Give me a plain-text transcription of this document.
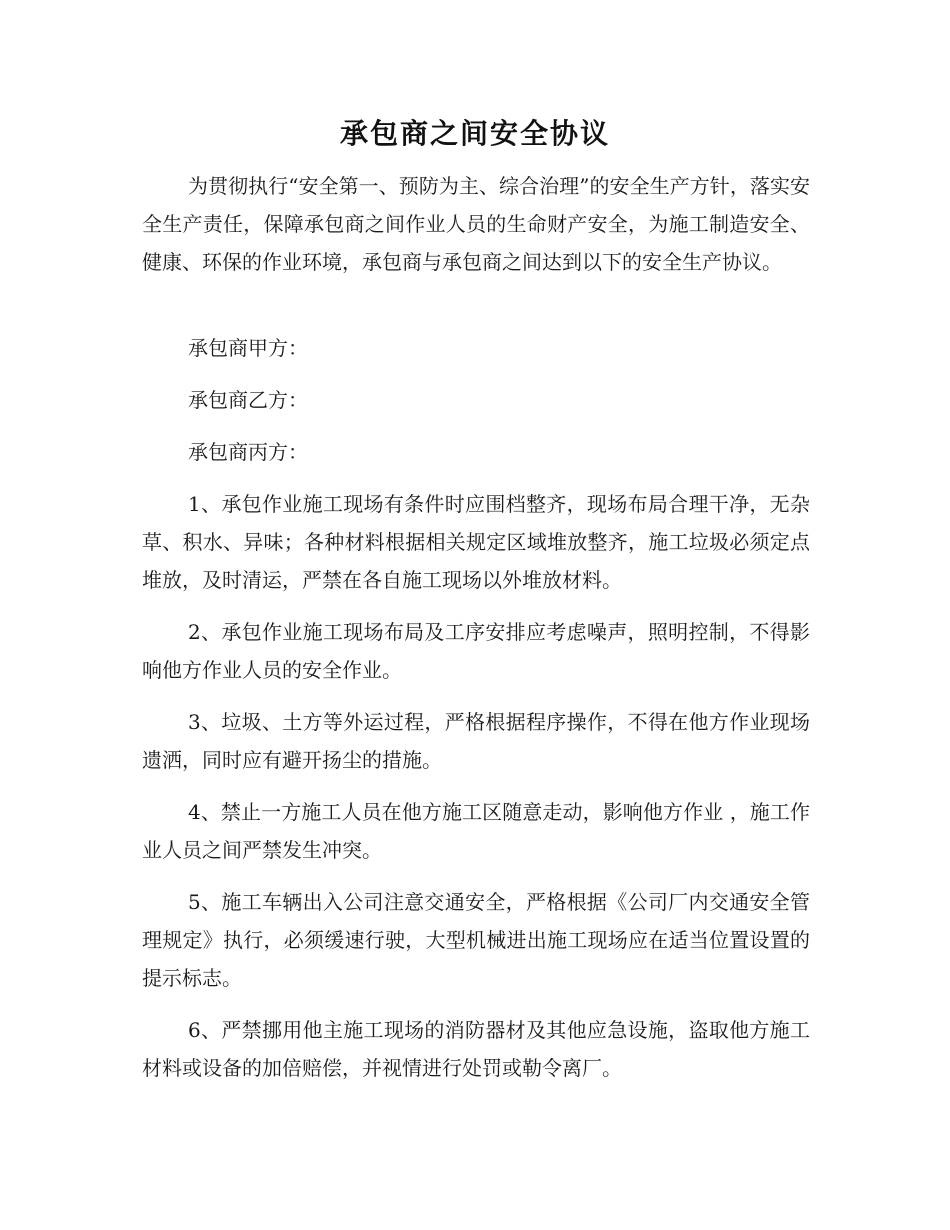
承包商之间安全协议
为贯彻执行“安全第一、预防为主、综合治理”的安全生产方针，落实安全生产责任，保障承包商之间作业人员的生命财产安全，为施工制造安全、健康、环保的作业环境，承包商与承包商之间达到以下的安全生产协议。
承包商甲方：
承包商乙方：
承包商丙方：
1、承包作业施工现场有条件时应围档整齐，现场布局合理干净，无杂草、积水、异味；各种材料根据相关规定区域堆放整齐，施工垃圾必须定点堆放，及时清运，严禁在各自施工现场以外堆放材料。
2、承包作业施工现场布局及工序安排应考虑噪声，照明控制，不得影响他方作业人员的安全作业。
3、垃圾、土方等外运过程，严格根据程序操作，不得在他方作业现场遗洒，同时应有避开扬尘的措施。
4、禁止一方施工人员在他方施工区随意走动，影响他方作业 ，施工作业人员之间严禁发生冲突。
5、施工车辆出入公司注意交通安全，严格根据《公司厂内交通安全管理规定》执行，必须缓速行驶，大型机械进出施工现场应在适当位置设置的提示标志。
6、严禁挪用他主施工现场的消防器材及其他应急设施，盗取他方施工材料或设备的加倍赔偿，并视情进行处罚或勒令离厂。
